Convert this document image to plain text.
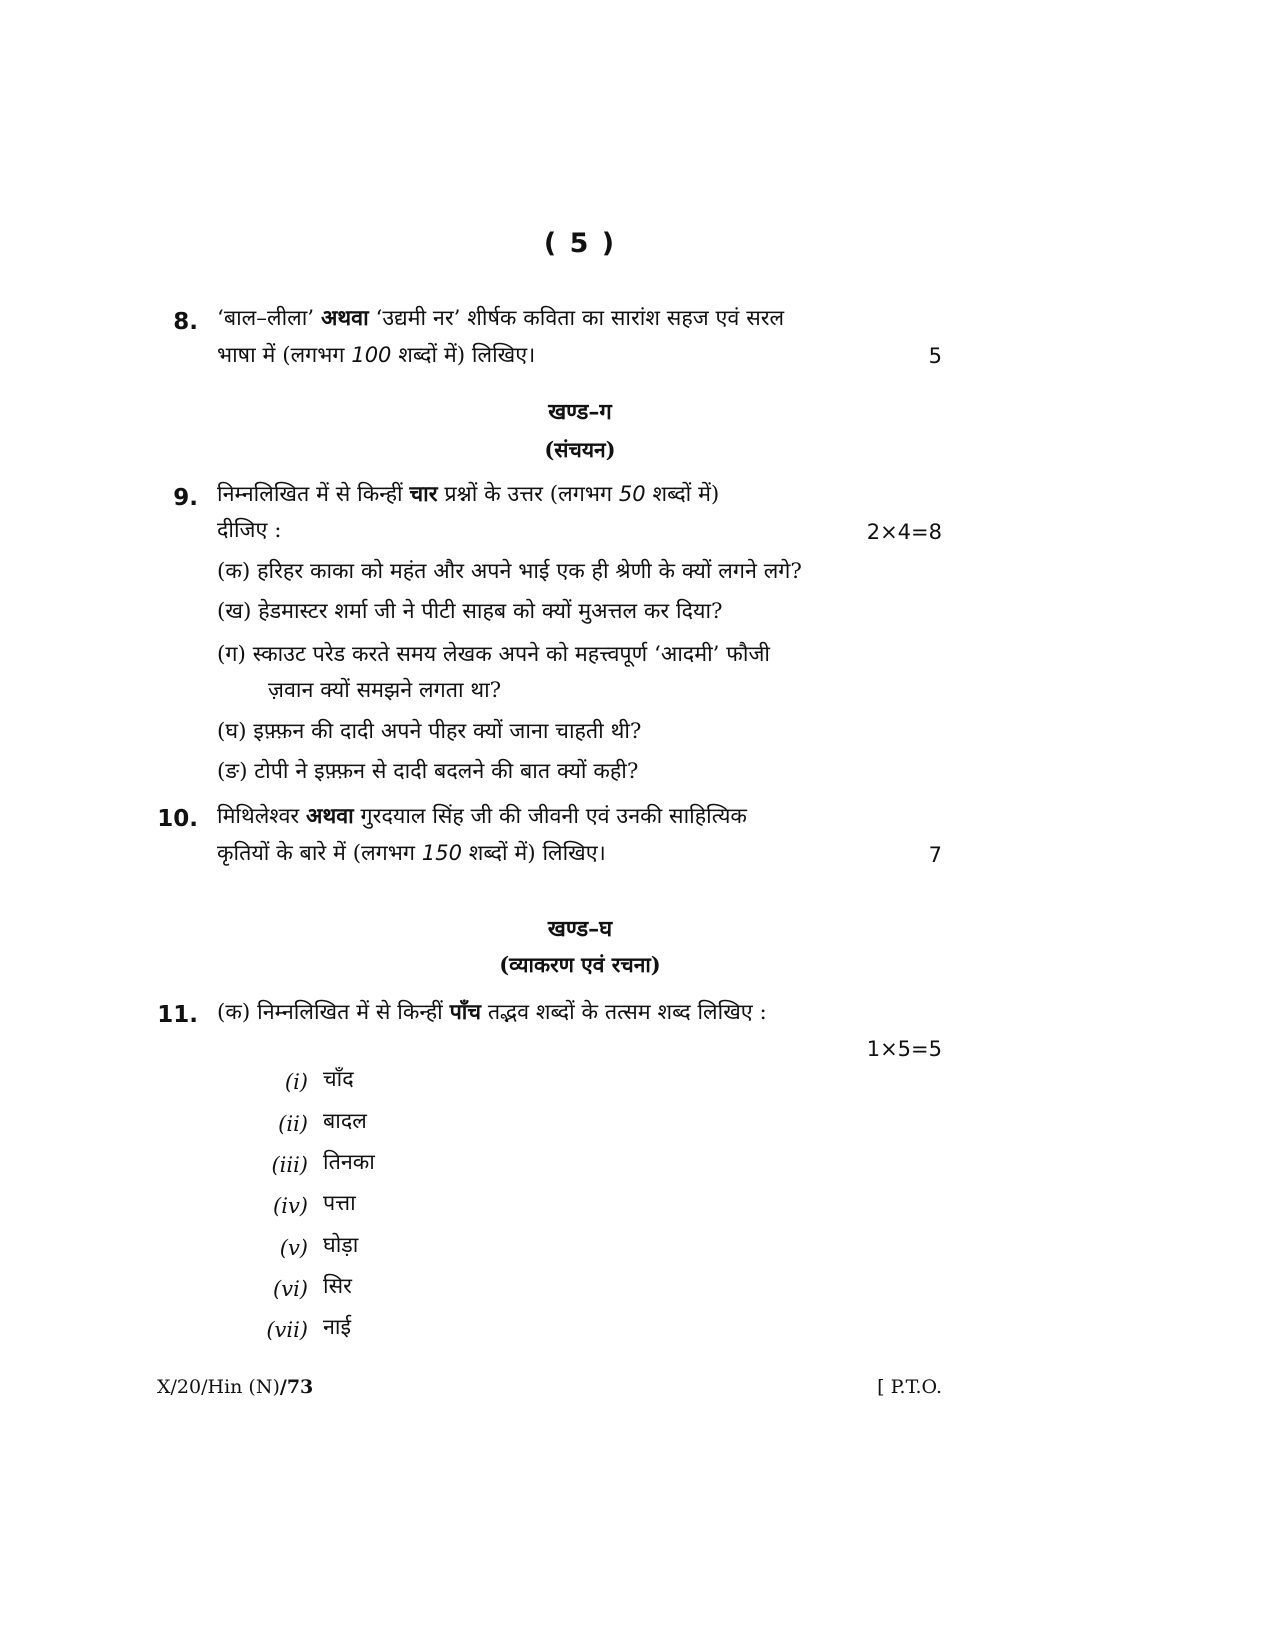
( 5 )
8. ‘बाल–लीला’ अथवा ‘उद्यमी नर’ शीर्षक कविता का सारांश सहज एवं सरल
भाषा में (लगभग 100 शब्दों में) लिखिए।	5
खण्ड–ग
(संचयन)
9. निम्नलिखित में से किन्हीं चार प्रश्नों के उत्तर (लगभग 50 शब्दों में)
दीजिए :	2×4=8
(क) हरिहर काका को महंत और अपने भाई एक ही श्रेणी के क्यों लगने लगे?
(ख) हेडमास्टर शर्मा जी ने पीटी साहब को क्यों मुअत्तल कर दिया?
(ग) स्काउट परेड करते समय लेखक अपने को महत्त्वपूर्ण ‘आदमी’ फौजी
ज़वान क्यों समझने लगता था?
(घ) इफ़्फ़न की दादी अपने पीहर क्यों जाना चाहती थी?
(ङ) टोपी ने इफ़्फ़न से दादी बदलने की बात क्यों कही?
10. मिथिलेश्वर अथवा गुरदयाल सिंह जी की जीवनी एवं उनकी साहित्यिक
कृतियों के बारे में (लगभग 150 शब्दों में) लिखिए।	7
खण्ड–घ
(व्याकरण एवं रचना)
11. (क) निम्नलिखित में से किन्हीं पाँच तद्भव शब्दों के तत्सम शब्द लिखिए :
1×5=5
(i) चाँद
(ii) बादल
(iii) तिनका
(iv) पत्ता
(v) घोड़ा
(vi) सिर
(vii) नाई
X/20/Hin (N)/73	[ P.T.O.
